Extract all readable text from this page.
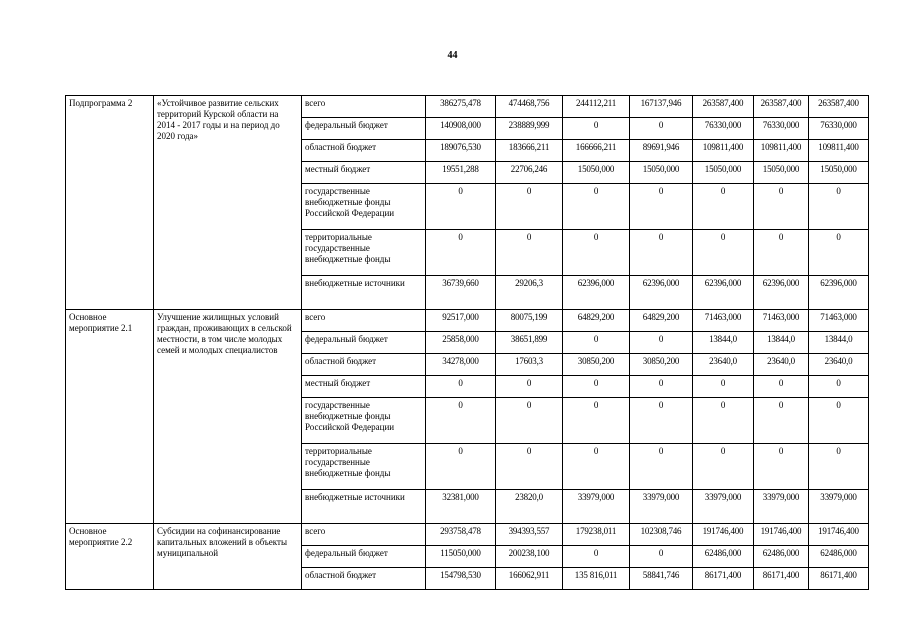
44
Подпрограмма 2	«Устойчивое развитие сельских территорий Курской области на 2014 - 2017 годы и на период до 2020 года»	всего	386275,478	474468,756	244112,211	167137,946	263587,400	263587,400	263587,400
		федеральный бюджет	140908,000	238889,999	0	0	76330,000	76330,000	76330,000
		областной бюджет	189076,530	183666,211	166666,211	89691,946	109811,400	109811,400	109811,400
		местный бюджет	19551,288	22706,246	15050,000	15050,000	15050,000	15050,000	15050,000
		государственные внебюджетные фонды Российской Федерации	0	0	0	0	0	0	0
		территориальные государственные внебюджетные фонды	0	0	0	0	0	0	0
		внебюджетные источники	36739,660	29206,3	62396,000	62396,000	62396,000	62396,000	62396,000
Основное мероприятие 2.1	Улучшение жилищных условий граждан, проживающих в сельской местности, в том числе молодых семей и молодых специалистов	всего	92517,000	80075,199	64829,200	64829,200	71463,000	71463,000	71463,000
		федеральный бюджет	25858,000	38651,899	0	0	13844,0	13844,0	13844,0
		областной бюджет	34278,000	17603,3	30850,200	30850,200	23640,0	23640,0	23640,0
		местный бюджет	0	0	0	0	0	0	0
		государственные внебюджетные фонды Российской Федерации	0	0	0	0	0	0	0
		территориальные государственные внебюджетные фонды	0	0	0	0	0	0	0
		внебюджетные источники	32381,000	23820,0	33979,000	33979,000	33979,000	33979,000	33979,000
Основное мероприятие 2.2	Субсидии на софинансирование капитальных вложений в объекты муниципальной	всего	293758,478	394393,557	179238,011	102308,746	191746,400	191746,400	191746,400
		федеральный бюджет	115050,000	200238,100	0	0	62486,000	62486,000	62486,000
		областной бюджет	154798,530	166062,911	135 816,011	58841,746	86171,400	86171,400	86171,400
